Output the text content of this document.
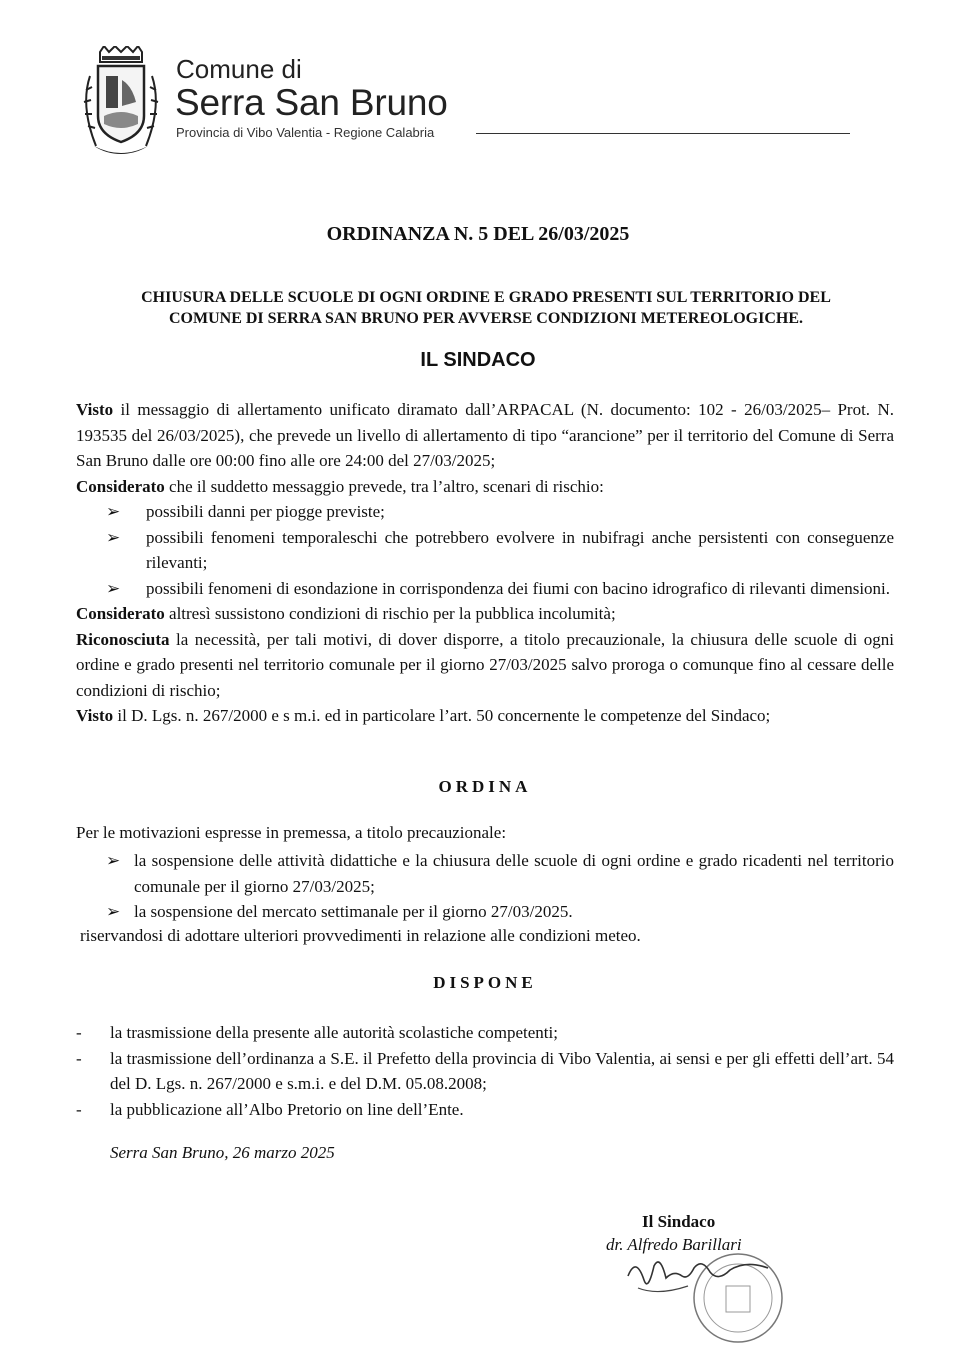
Comune di
Serra San Bruno
Provincia di Vibo Valentia - Regione Calabria
ORDINANZA N. 5 DEL 26/03/2025
CHIUSURA DELLE SCUOLE DI OGNI ORDINE E GRADO PRESENTI SUL TERRITORIO DEL
COMUNE DI SERRA SAN BRUNO PER AVVERSE CONDIZIONI METEREOLOGICHE.
IL SINDACO

Visto il messaggio di allertamento unificato diramato dall’ARPACAL (N. documento: 102 - 26/03/2025– Prot. N. 193535 del 26/03/2025), che prevede un livello di allertamento di tipo “arancione” per il territorio del Comune di Serra San Bruno dalle ore 00:00 fino alle ore 24:00 del 27/03/2025;

Considerato che il suddetto messaggio prevede, tra l’altro, scenari di rischio:

➢	possibili danni per piogge previste;
➢	possibili fenomeni temporaleschi che potrebbero evolvere in nubifragi anche persistenti con conseguenze rilevanti;
➢	possibili fenomeni di esondazione in corrispondenza dei fiumi con bacino idrografico di rilevanti dimensioni.

Considerato altresì sussistono condizioni di rischio per la pubblica incolumità;

Riconosciuta la necessità, per tali motivi, di dover disporre, a titolo precauzionale, la chiusura delle scuole di ogni ordine e grado presenti nel territorio comunale per il giorno 27/03/2025 salvo proroga o comunque fino al cessare delle condizioni di rischio;

Visto il D. Lgs. n. 267/2000 e s m.i. ed in particolare l’art. 50 concernente le competenze del Sindaco;

ORDINA
Per le motivazioni espresse in premessa, a titolo precauzionale:
➢ la sospensione delle attività didattiche e la chiusura delle scuole di ogni ordine e grado ricadenti nel territorio comunale per il giorno 27/03/2025;
➢ la sospensione del mercato settimanale per il giorno 27/03/2025.
riservandosi di adottare ulteriori provvedimenti in relazione alle condizioni meteo.
DISPONE
-	la trasmissione della presente alle autorità scolastiche competenti;
-	la trasmissione dell’ordinanza a S.E. il Prefetto della provincia di Vibo Valentia, ai sensi e per gli effetti dell’art. 54 del D. Lgs. n. 267/2000 e s.m.i. e del D.M. 05.08.2008;
-	la pubblicazione all’Albo Pretorio on line dell’Ente.
Serra San Bruno, 26 marzo 2025
Il Sindaco
dr. Alfredo Barillari
